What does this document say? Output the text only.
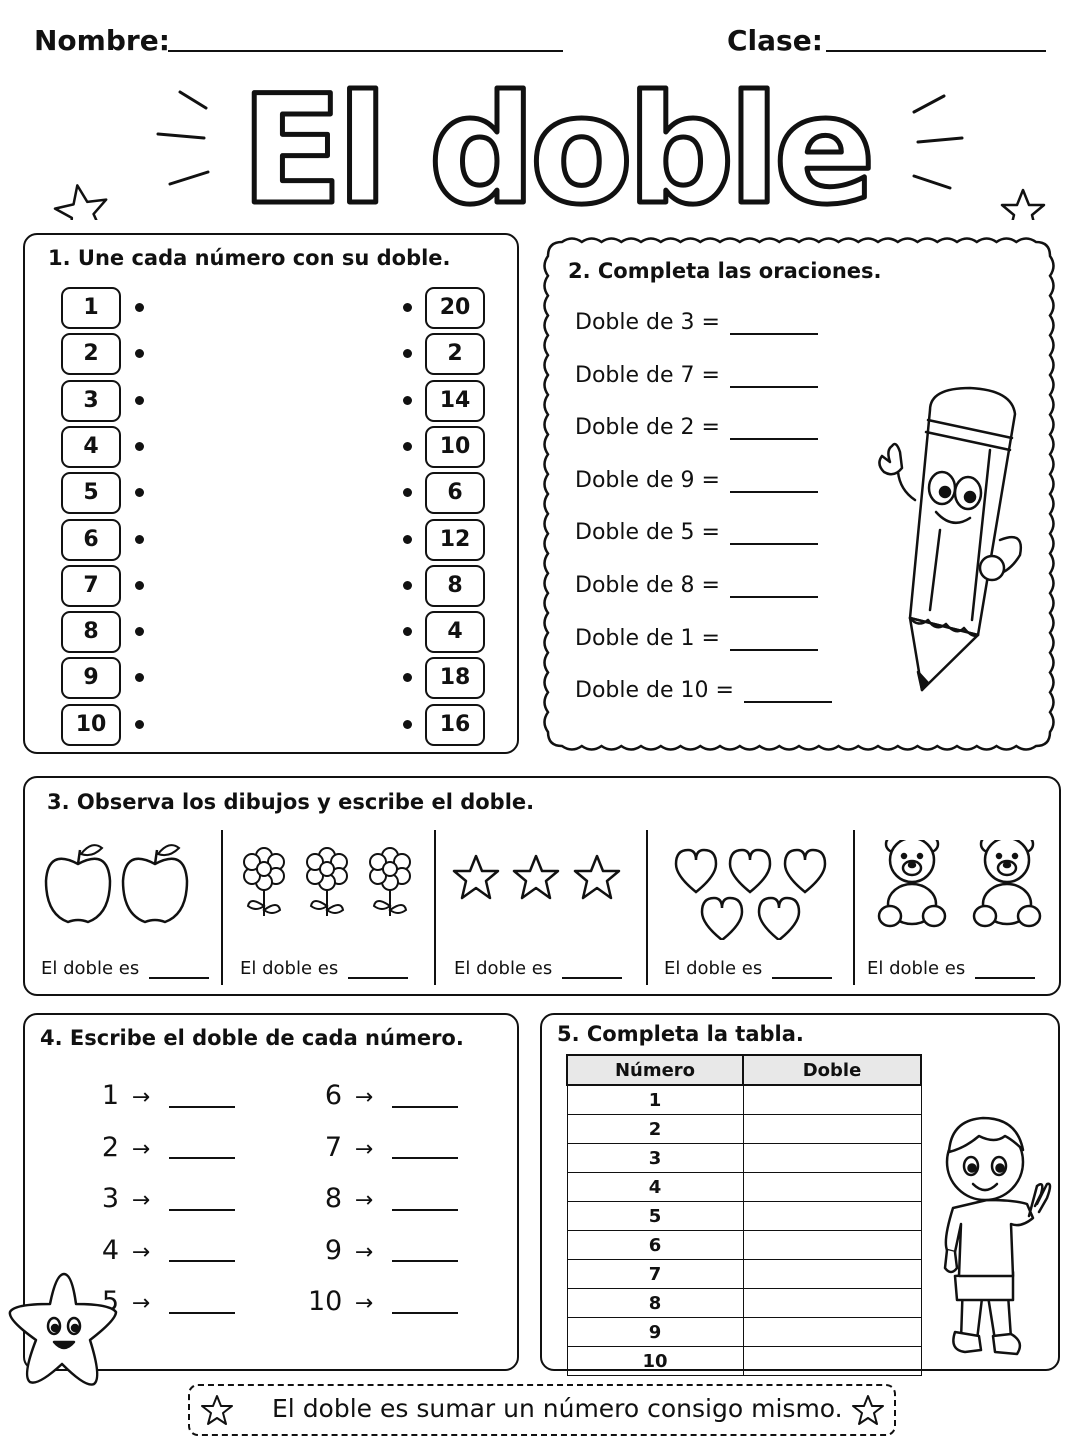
Nombre:	Clase:
El doble
1. Une cada número con su doble.
1	20
2	2
3	14
4	10
5	6
6	12
7	8
8	4
9	18
10	16
2. Completa las oraciones.
Doble de 3 =
Doble de 7 =
Doble de 2 =
Doble de 9 =
Doble de 5 =
Doble de 8 =
Doble de 1 =
Doble de 10 =
3. Observa los dibujos y escribe el doble.
El doble es	El doble es	El doble es	El doble es	El doble es
4. Escribe el doble de cada número.
1 →
2 →
3 →
4 →
5 →
6 →
7 →
8 →
9 →
10 →
5. Completa la tabla.
Número	Doble
1	
2	
3	
4	
5	
6	
7	
8	
9	
10	
El doble es sumar un número consigo mismo.
